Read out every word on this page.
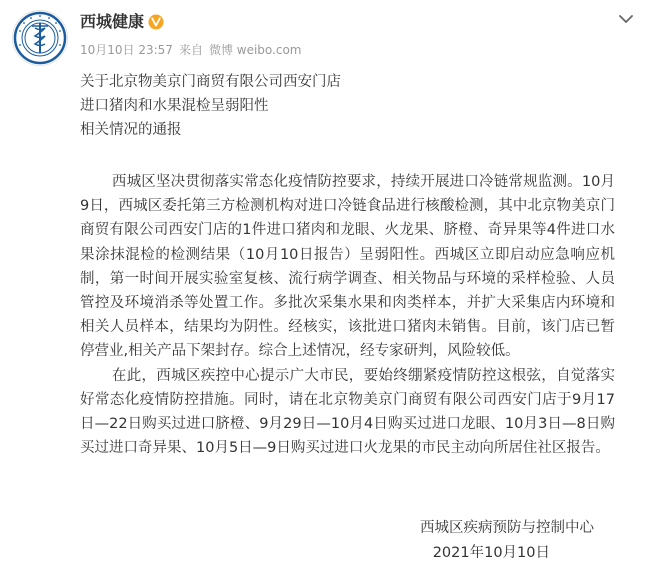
西城健康
10月10日 23:57 来自 微博 weibo.com
关于北京物美京门商贸有限公司西安门店
进口猪肉和水果混检呈弱阳性
相关情况的通报

西城区坚决贯彻落实常态化疫情防控要求，持续开展进口冷链常规监测。10月9日，西城区委托第三方检测机构对进口冷链食品进行核酸检测，其中北京物美京门商贸有限公司西安门店的1件进口猪肉和龙眼、火龙果、脐橙、奇异果等4件进口水果涂抹混检的检测结果（10月10日报告）呈弱阳性。西城区立即启动应急响应机制，第一时间开展实验室复核、流行病学调查、相关物品与环境的采样检验、人员管控及环境消杀等处置工作。多批次采集水果和肉类样本，并扩大采集店内环境和相关人员样本，结果均为阴性。经核实，该批进口猪肉未销售。目前，该门店已暂停营业,相关产品下架封存。综合上述情况，经专家研判，风险较低。

在此，西城区疾控中心提示广大市民，要始终绷紧疫情防控这根弦，自觉落实好常态化疫情防控措施。同时，请在北京物美京门商贸有限公司西安门店于9月17日—22日购买过进口脐橙、9月29日—10月4日购买过进口龙眼、10月3日—8日购买过进口奇异果、10月5日—9日购买过进口火龙果的市民主动向所居住社区报告。

西城区疾病预防与控制中心
2021年10月10日
